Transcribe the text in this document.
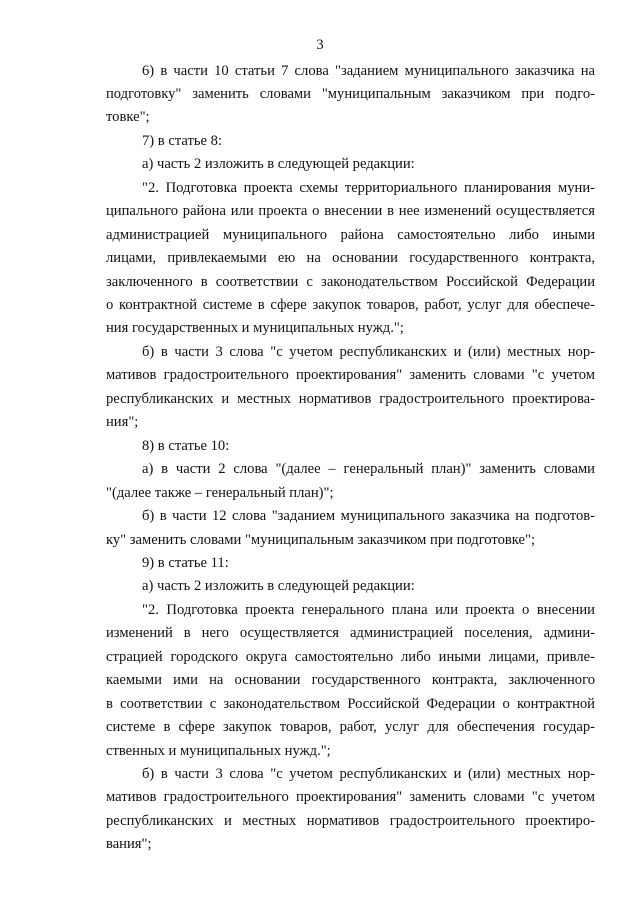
3
6) в части 10 статьи 7 слова "заданием муниципального заказчика на
подготовку" заменить словами "муниципальным заказчиком при подго-
товке";
7) в статье 8:
а) часть 2 изложить в следующей редакции:
"2. Подготовка проекта схемы территориального планирования муни-
ципального района или проекта о внесении в нее изменений осуществляется
администрацией муниципального района самостоятельно либо иными
лицами, привлекаемыми ею на основании государственного контракта,
заключенного в соответствии с законодательством Российской Федерации
о контрактной системе в сфере закупок товаров, работ, услуг для обеспече-
ния государственных и муниципальных нужд.";
б) в части 3 слова "с учетом республиканских и (или) местных нор-
мативов градостроительного проектирования" заменить словами "с учетом
республиканских и местных нормативов градостроительного проектирова-
ния";
8) в статье 10:
а) в части 2 слова "(далее – генеральный план)" заменить словами
"(далее также – генеральный план)";
б) в части 12 слова "заданием муниципального заказчика на подготов-
ку" заменить словами "муниципальным заказчиком при подготовке";
9) в статье 11:
а) часть 2 изложить в следующей редакции:
"2. Подготовка проекта генерального плана или проекта о внесении
изменений в него осуществляется администрацией поселения, админи-
страцией городского округа самостоятельно либо иными лицами, привле-
каемыми ими на основании государственного контракта, заключенного
в соответствии с законодательством Российской Федерации о контрактной
системе в сфере закупок товаров, работ, услуг для обеспечения государ-
ственных и муниципальных нужд.";
б) в части 3 слова "с учетом республиканских и (или) местных нор-
мативов градостроительного проектирования" заменить словами "с учетом
республиканских и местных нормативов градостроительного проектиро-
вания";
